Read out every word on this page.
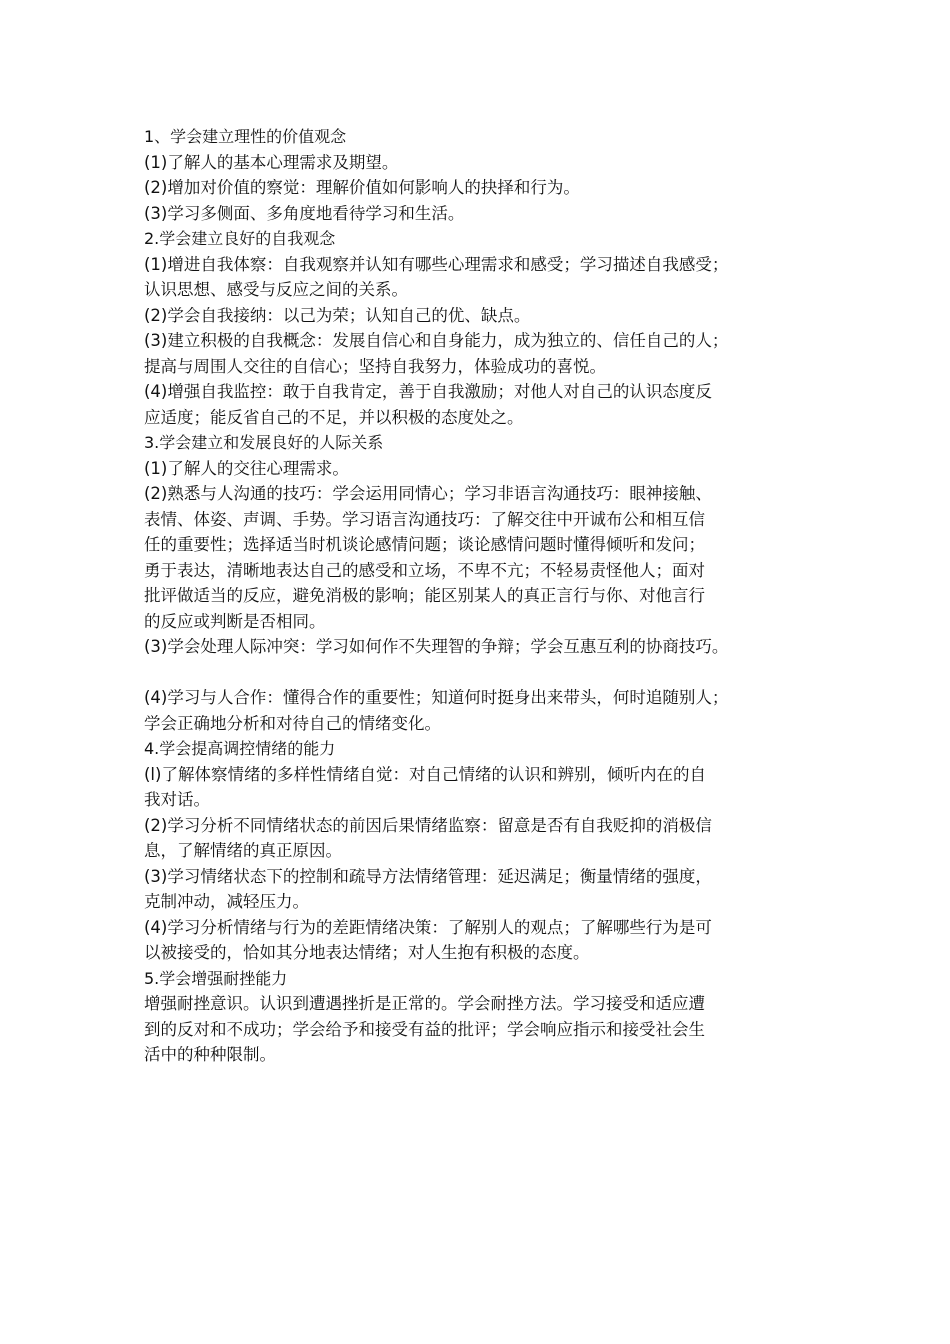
1、学会建立理性的价值观念
(1)了解人的基本心理需求及期望。
(2)增加对价值的察觉：理解价值如何影响人的抉择和行为。
(3)学习多侧面、多角度地看待学习和生活。
2.学会建立良好的自我观念
(1)增进自我体察：自我观察并认知有哪些心理需求和感受；学习描述自我感受；
认识思想、感受与反应之间的关系。
(2)学会自我接纳：以己为荣；认知自己的优、缺点。
(3)建立积极的自我概念：发展自信心和自身能力，成为独立的、信任自己的人；
提高与周围人交往的自信心；坚持自我努力，体验成功的喜悦。
(4)增强自我监控：敢于自我肯定，善于自我激励；对他人对自己的认识态度反
应适度；能反省自己的不足，并以积极的态度处之。
3.学会建立和发展良好的人际关系
(1)了解人的交往心理需求。
(2)熟悉与人沟通的技巧：学会运用同情心；学习非语言沟通技巧：眼神接触、
表情、体姿、声调、手势。学习语言沟通技巧：了解交往中开诚布公和相互信
任的重要性；选择适当时机谈论感情问题；谈论感情问题时懂得倾听和发问；
勇于表达，清晰地表达自己的感受和立场，不卑不亢；不轻易责怪他人；面对
批评做适当的反应，避免消极的影响；能区别某人的真正言行与你、对他言行
的反应或判断是否相同。
(3)学会处理人际冲突：学习如何作不失理智的争辩；学会互惠互利的协商技巧。
(4)学习与人合作：懂得合作的重要性；知道何时挺身出来带头，何时追随别人；
学会正确地分析和对待自己的情绪变化。
4.学会提高调控情绪的能力
(l)了解体察情绪的多样性情绪自觉：对自己情绪的认识和辨别，倾听内在的自
我对话。
(2)学习分析不同情绪状态的前因后果情绪监察：留意是否有自我贬抑的消极信
息，了解情绪的真正原因。
(3)学习情绪状态下的控制和疏导方法情绪管理：延迟满足；衡量情绪的强度，
克制冲动，减轻压力。
(4)学习分析情绪与行为的差距情绪决策：了解别人的观点；了解哪些行为是可
以被接受的，恰如其分地表达情绪；对人生抱有积极的态度。
5.学会增强耐挫能力
增强耐挫意识。认识到遭遇挫折是正常的。学会耐挫方法。学习接受和适应遭
到的反对和不成功；学会给予和接受有益的批评；学会响应指示和接受社会生
活中的种种限制。
